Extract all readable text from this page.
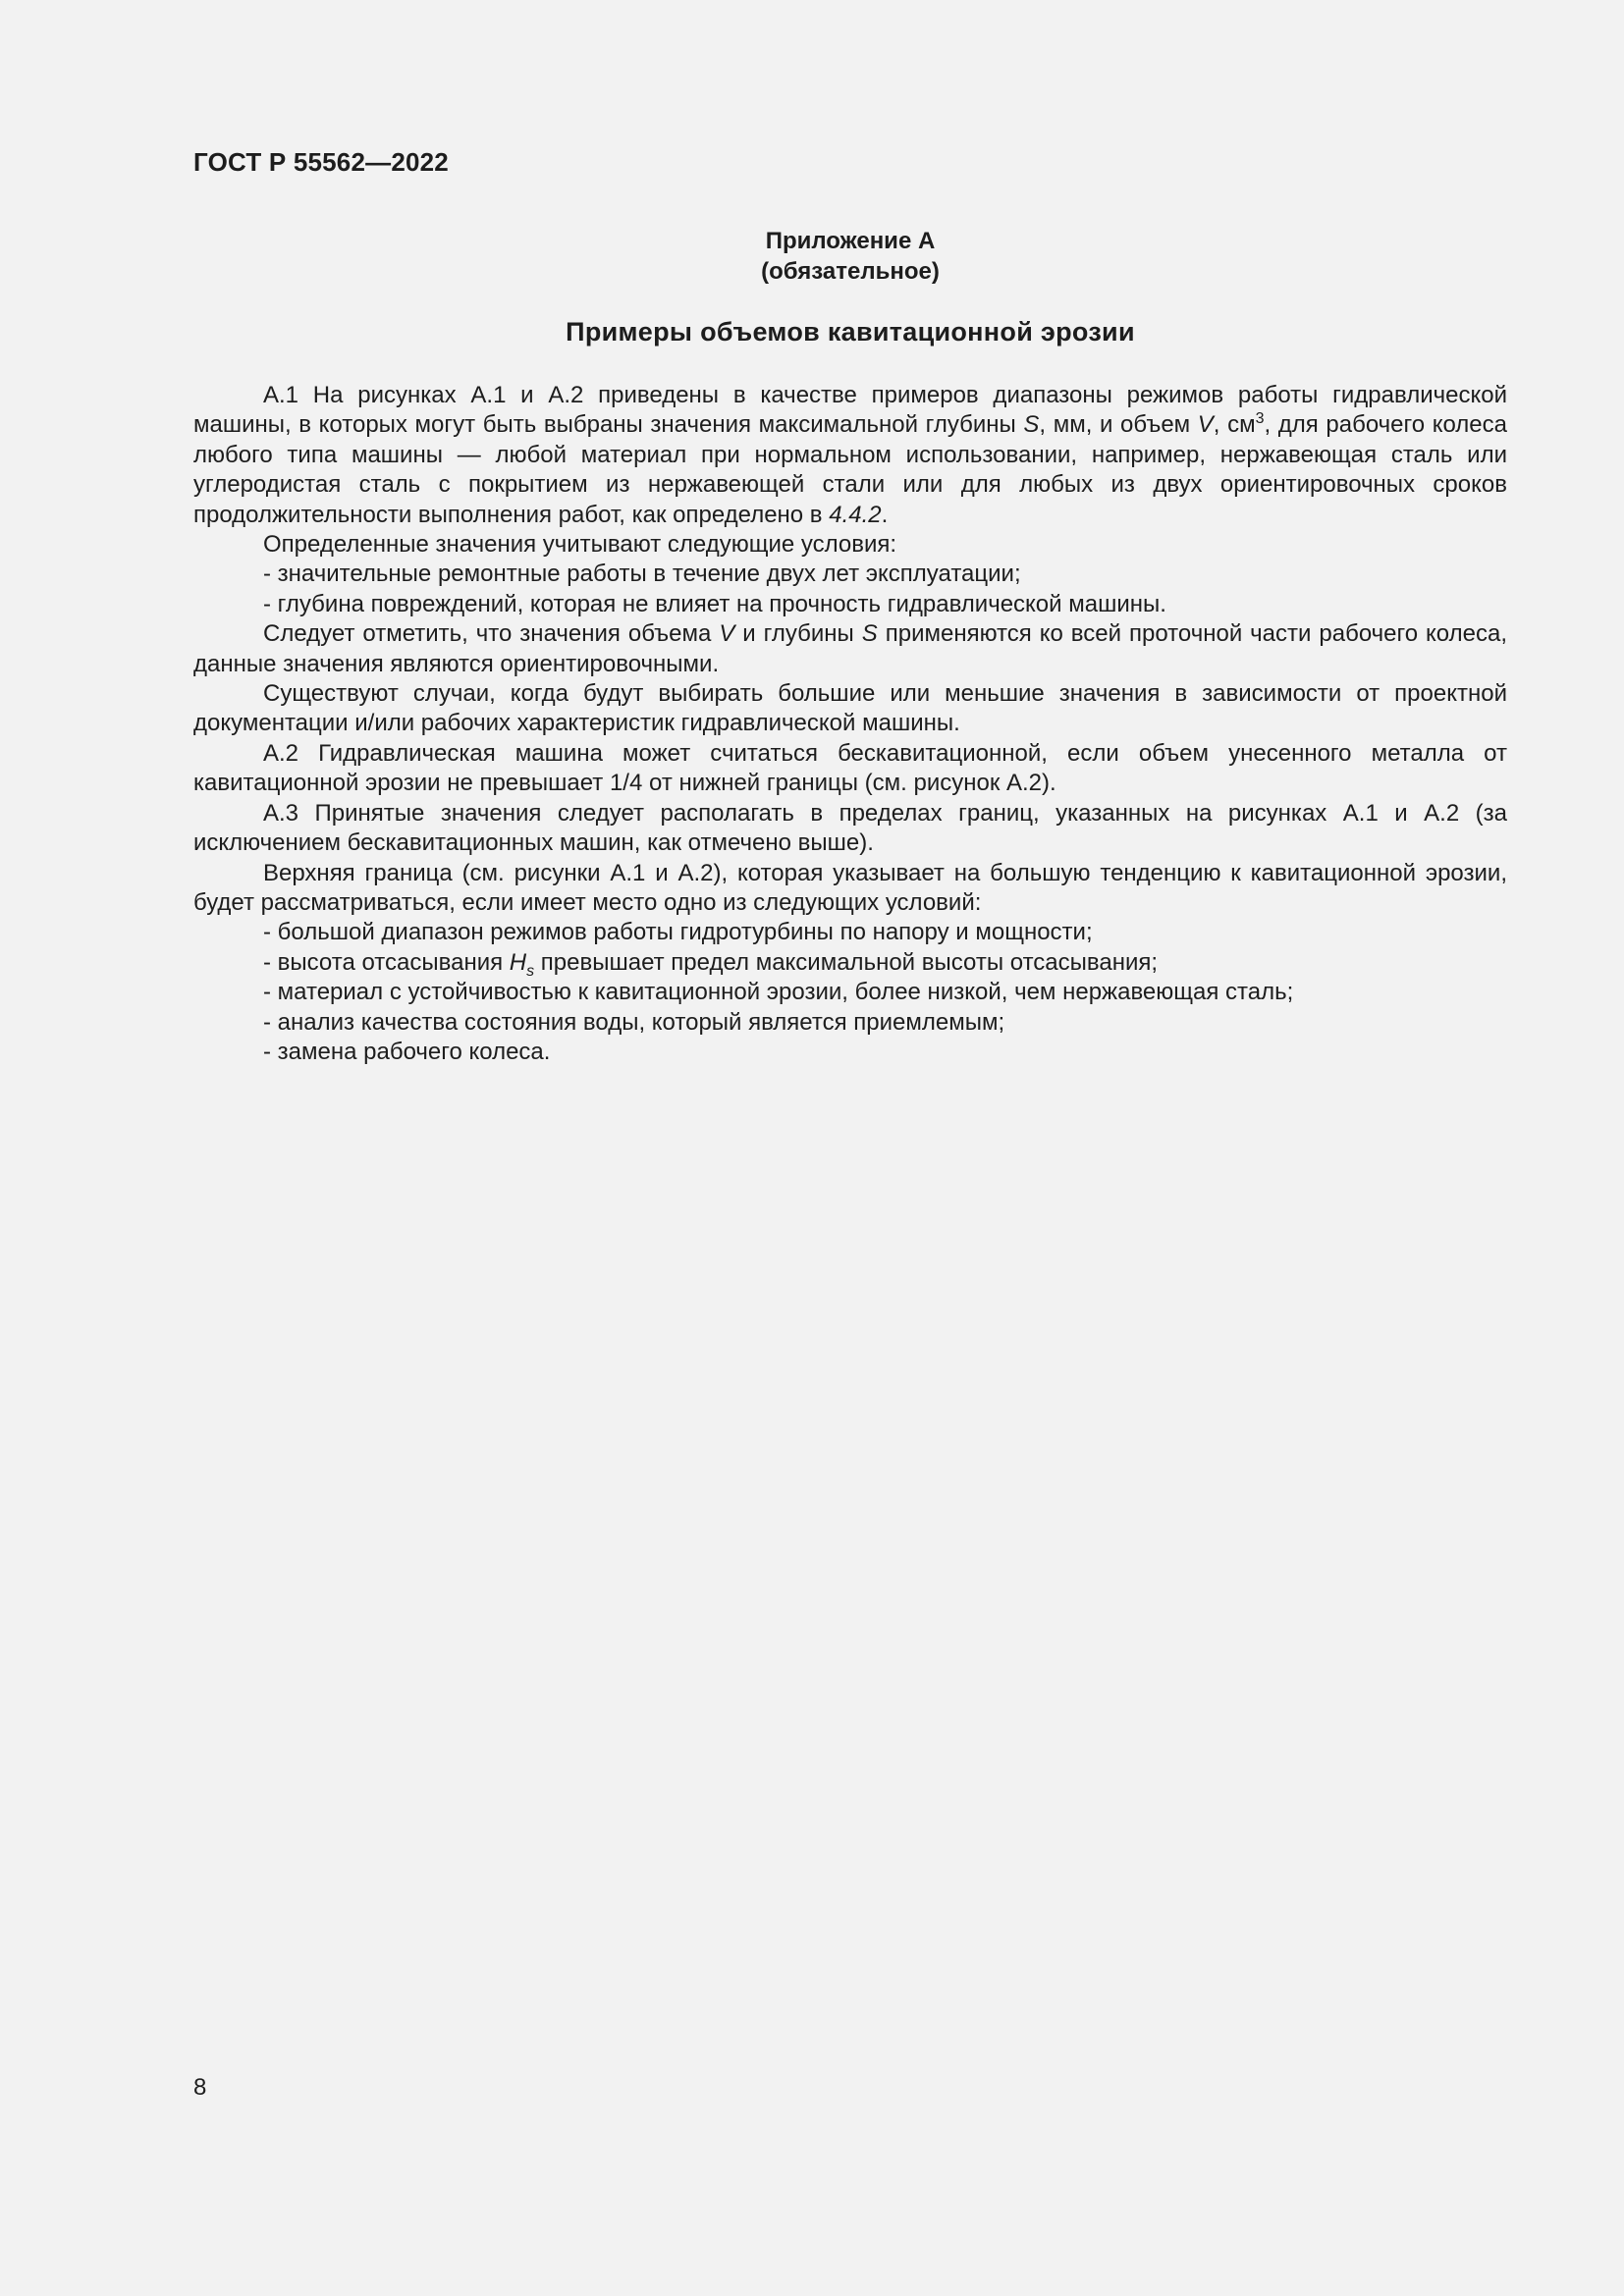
ГОСТ Р 55562—2022
Приложение А
(обязательное)
Примеры объемов кавитационной эрозии

А.1 На рисунках А.1 и А.2 приведены в качестве примеров диапазоны режимов работы гидравлической машины, в которых могут быть выбраны значения максимальной глубины S, мм, и объем V, $см^3$, для рабочего колеса любого типа машины — любой материал при нормальном использовании, например, нержавеющая сталь или углеродистая сталь с покрытием из нержавеющей стали или для любых из двух ориентировочных сроков продолжительности выполнения работ, как определено в 4.4.2.

Определенные значения учитывают следующие условия:

- значительные ремонтные работы в течение двух лет эксплуатации;

- глубина повреждений, которая не влияет на прочность гидравлической машины.

Следует отметить, что значения объема V и глубины S применяются ко всей проточной части рабочего колеса, данные значения являются ориентировочными.

Существуют случаи, когда будут выбирать большие или меньшие значения в зависимости от проектной документации и/или рабочих характеристик гидравлической машины.

А.2 Гидравлическая машина может считаться бескавитационной, если объем унесенного металла от кавитационной эрозии не превышает 1/4 от нижней границы (см. рисунок А.2).

А.3 Принятые значения следует располагать в пределах границ, указанных на рисунках А.1 и А.2 (за исключением бескавитационных машин, как отмечено выше).

Верхняя граница (см. рисунки А.1 и А.2), которая указывает на большую тенденцию к кавитационной эрозии, будет рассматриваться, если имеет место одно из следующих условий:

- большой диапазон режимов работы гидротурбины по напору и мощности;

- высота отсасывания $H_s$ превышает предел максимальной высоты отсасывания;

- материал с устойчивостью к кавитационной эрозии, более низкой, чем нержавеющая сталь;

- анализ качества состояния воды, который является приемлемым;

- замена рабочего колеса.

8
